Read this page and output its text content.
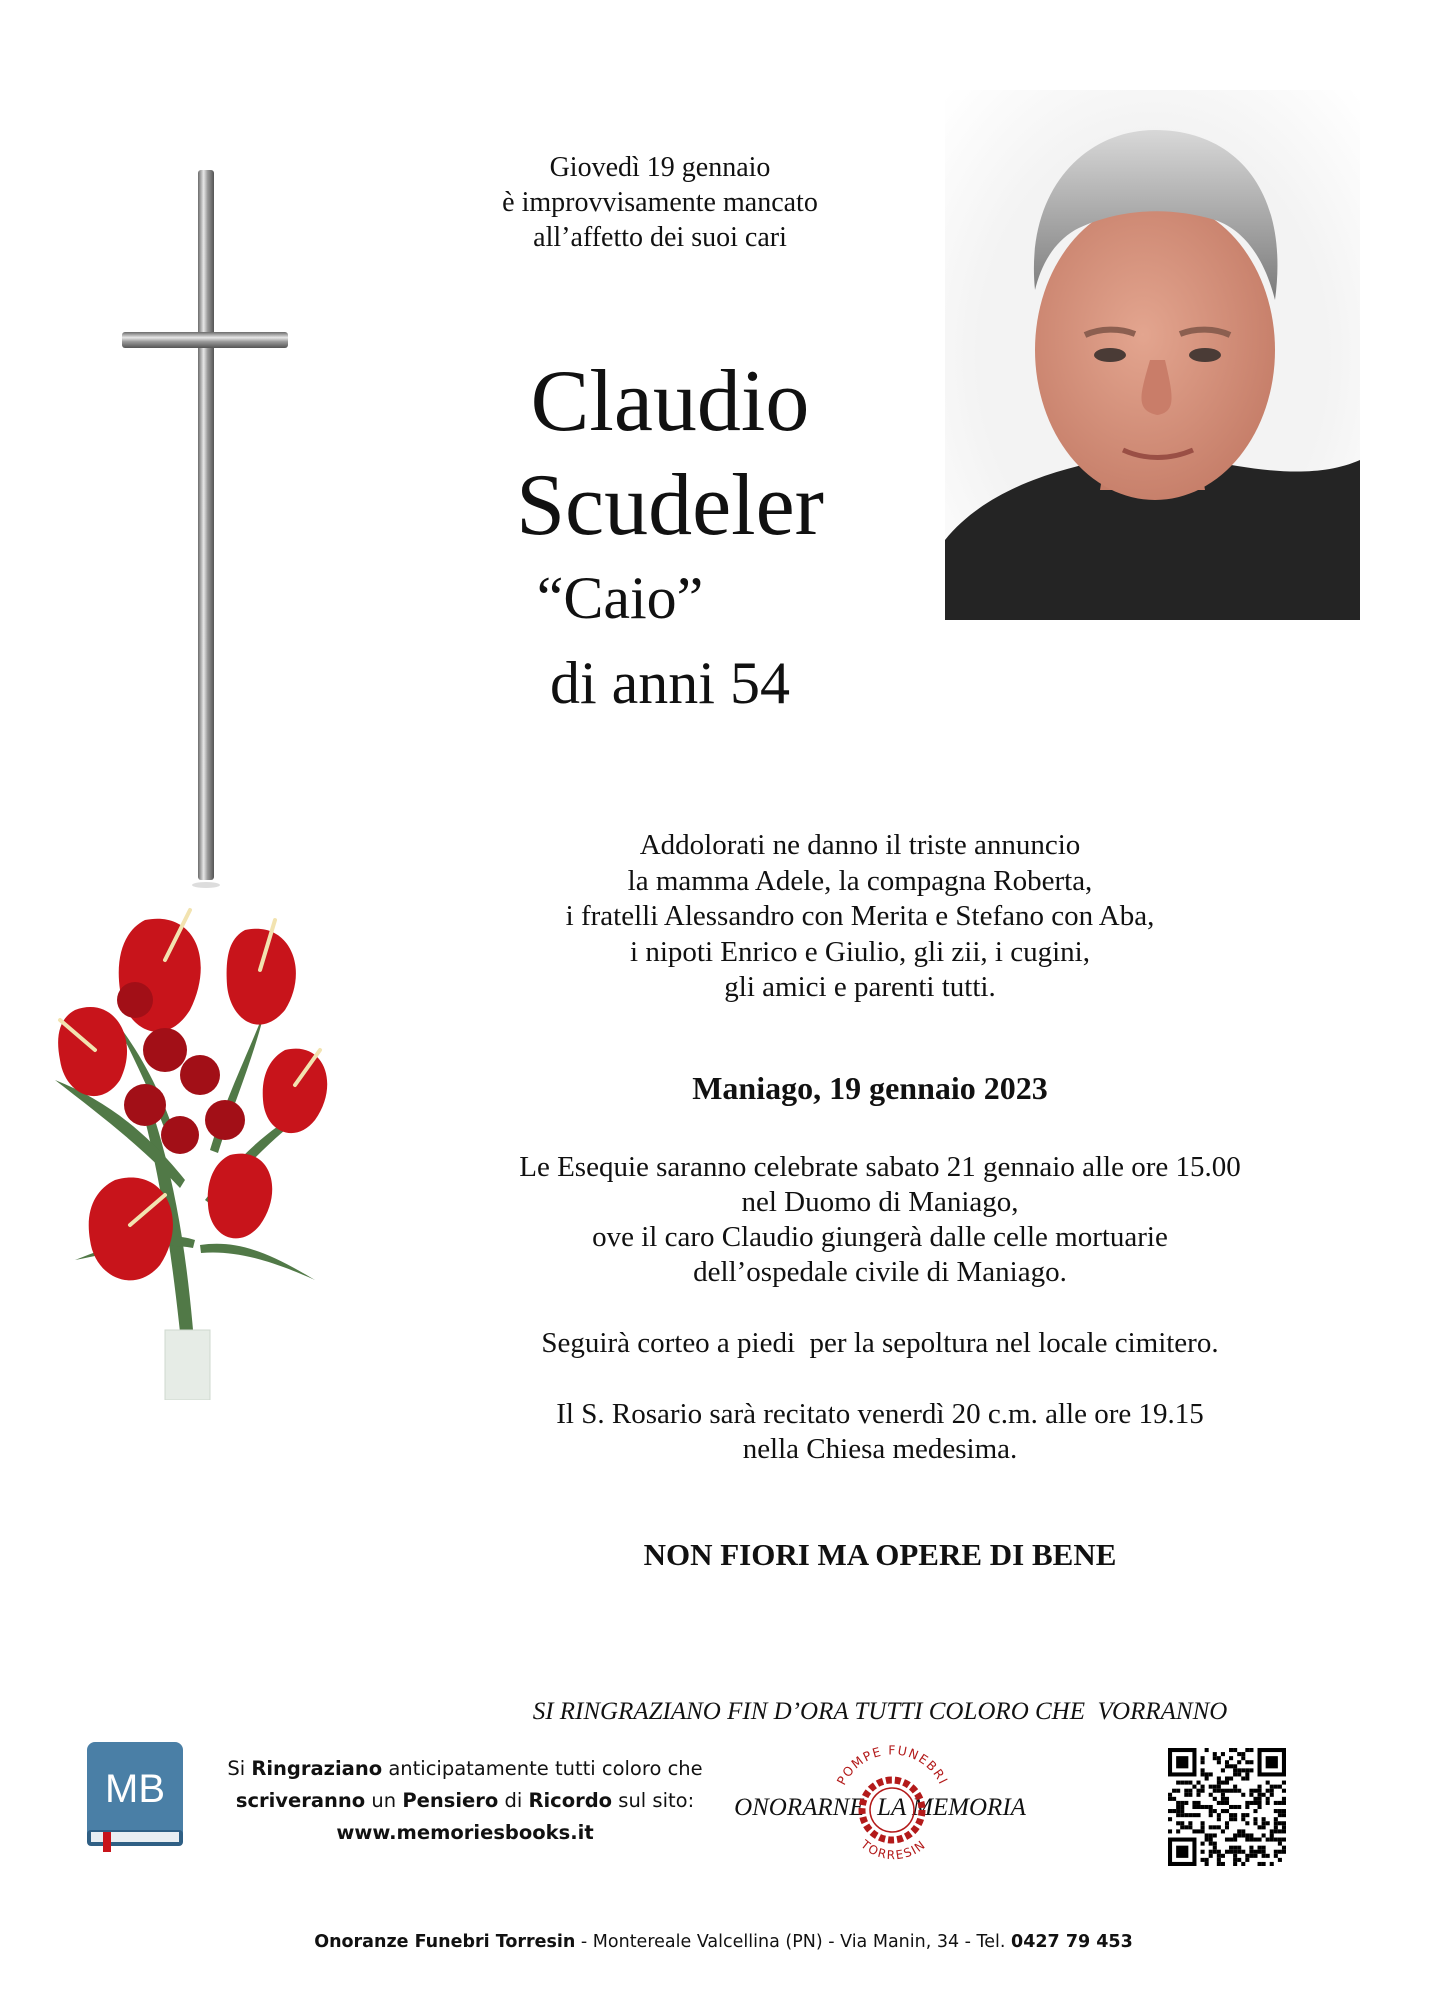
Giovedì 19 gennaio
è improvvisamente mancato
all’affetto dei suoi cari
Claudio
Scudeler
“Caio”
di anni 54
Addolorati ne danno il triste annuncio
la mamma Adele, la compagna Roberta,
i fratelli Alessandro con Merita e Stefano con Aba,
i nipoti Enrico e Giulio, gli zii, i cugini,
gli amici e parenti tutti.
Maniago, 19 gennaio 2023
Le Esequie saranno celebrate sabato 21 gennaio alle ore 15.00
nel Duomo di Maniago,
ove il caro Claudio giungerà dalle celle mortuarie
dell’ospedale civile di Maniago.
Seguirà corteo a piedi  per la sepoltura nel locale cimitero.
Il S. Rosario sarà recitato venerdì 20 c.m. alle ore 19.15
nella Chiesa medesima.
NON FIORI MA OPERE DI BENE

SI RINGRAZIANO FIN D’ORA TUTTI COLORO CHE  VORRANNO

ONORARNE  LA MEMORIA

MB	Si Ringraziano anticipatamente tutti coloro che
scriveranno un Pensiero di Ricordo sul sito:
www.memoriesbooks.it
POMPE FUNEBRI
TORRESIN
Onoranze Funebri Torresin - Montereale Valcellina (PN) - Via Manin, 34 - Tel. 0427 79 453
